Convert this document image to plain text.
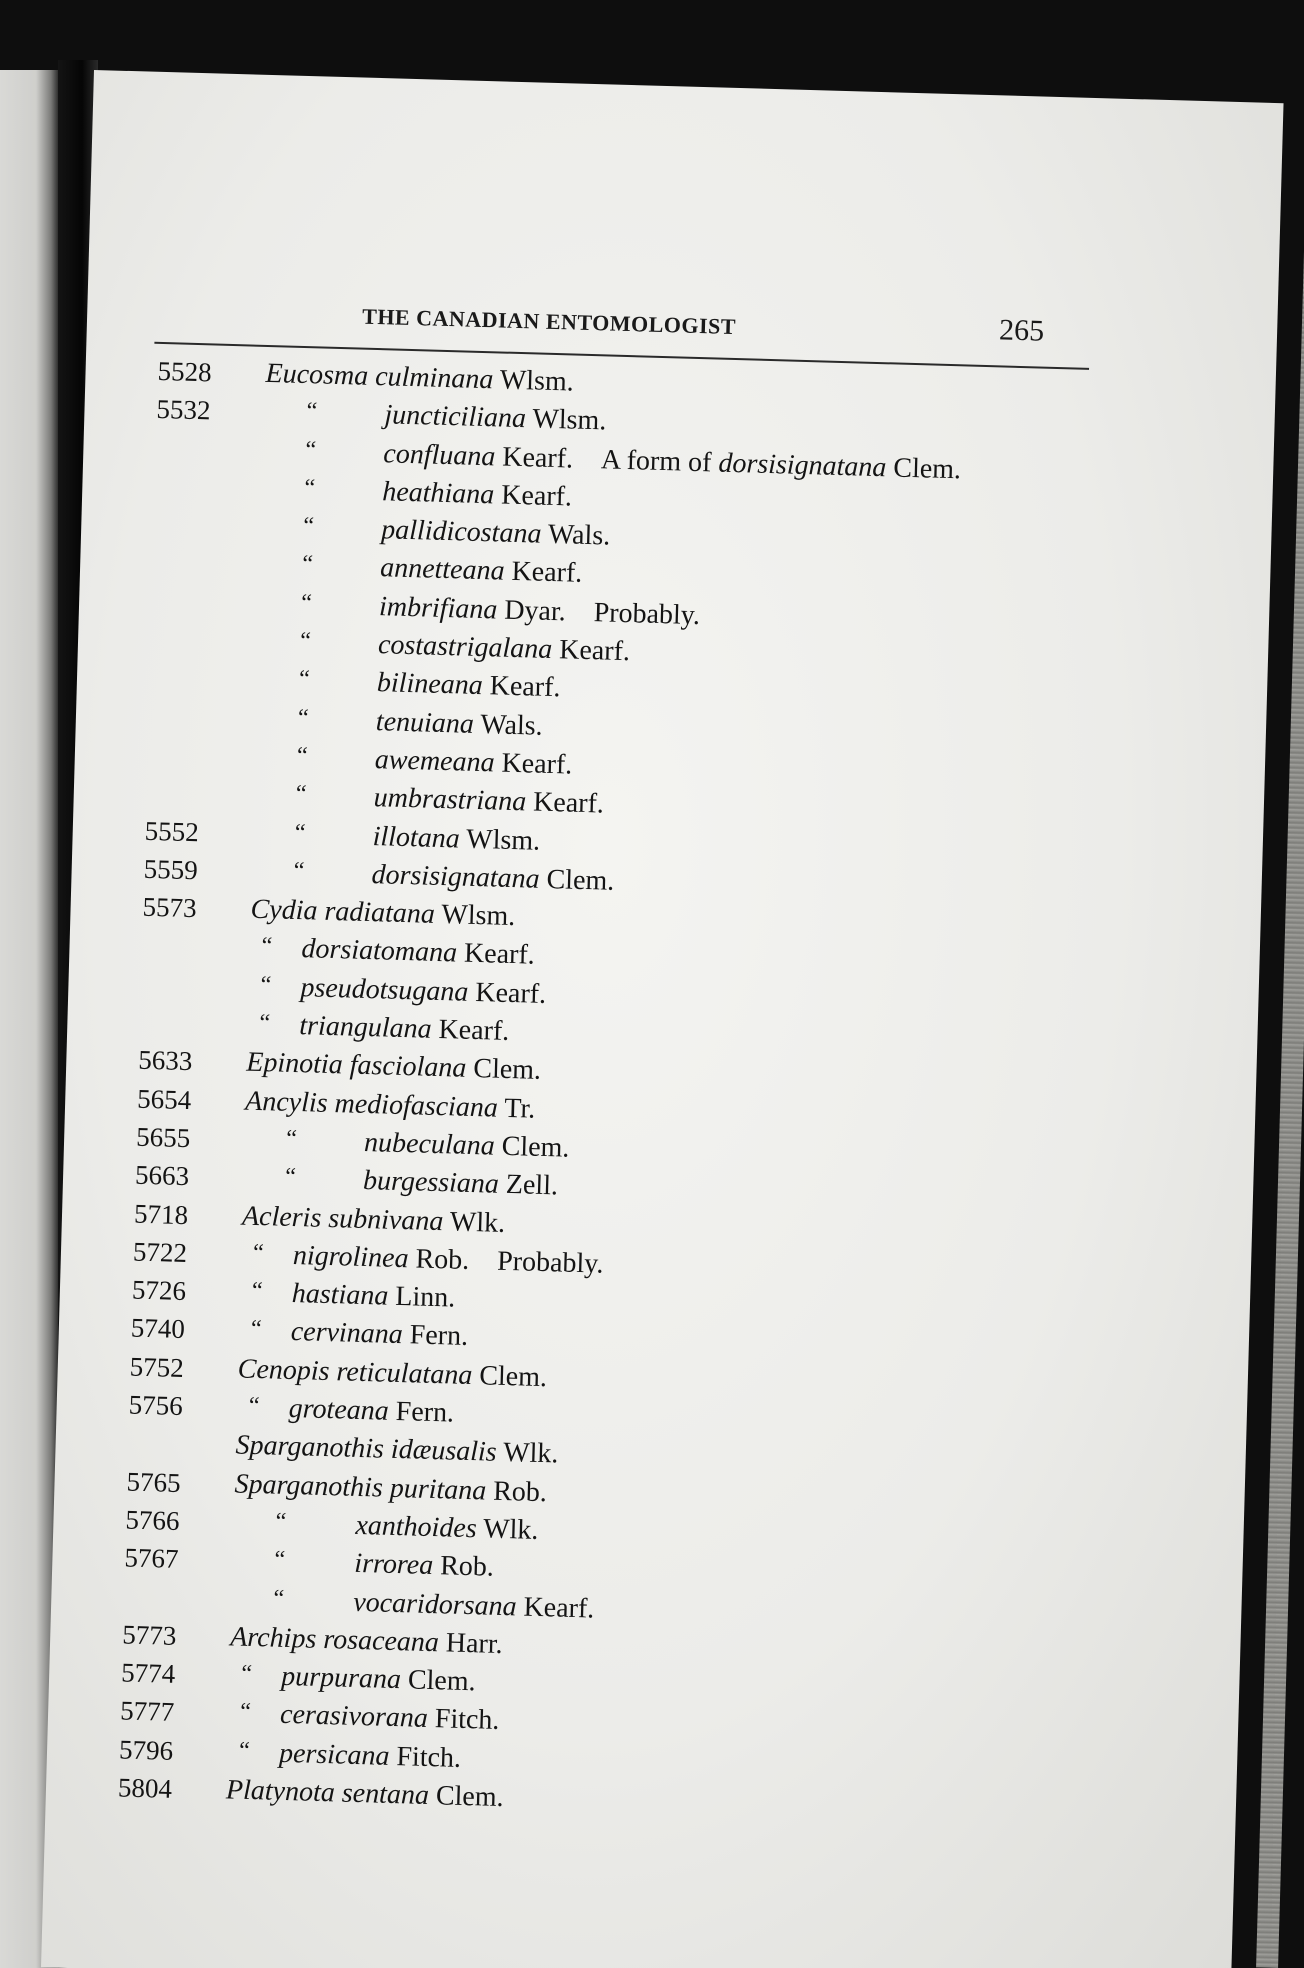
THE CANADIAN ENTOMOLOGIST	265
5528	Eucosma culminana Wlsm.
5532	“ juncticiliana Wlsm.
“ confluana Kearf.  A form of dorsisignatana Clem.
“ heathiana Kearf.
“ pallidicostana Wals.
“ annetteana Kearf.
“ imbrifiana Dyar.  Probably.
“ costastrigalana Kearf.
“ bilineana Kearf.
“ tenuiana Wals.
“ awemeana Kearf.
“ umbrastriana Kearf.
5552	“ illotana Wlsm.
5559	“ dorsisignatana Clem.
5573	Cydia radiatana Wlsm.
“ dorsiatomana Kearf.
“ pseudotsugana Kearf.
“ triangulana Kearf.
5633	Epinotia fasciolana Clem.
5654	Ancylis mediofasciana Tr.
5655	“ nubeculana Clem.
5663	“ burgessiana Zell.
5718	Acleris subnivana Wlk.
5722	“ nigrolinea Rob.  Probably.
5726	“ hastiana Linn.
5740	“ cervinana Fern.
5752	Cenopis reticulatana Clem.
5756	“ groteana Fern.
Sparganothis idæusalis Wlk.
5765	Sparganothis puritana Rob.
5766	“ xanthoides Wlk.
5767	“ irrorea Rob.
“ vocaridorsana Kearf.
5773	Archips rosaceana Harr.
5774	“ purpurana Clem.
5777	“ cerasivorana Fitch.
5796	“ persicana Fitch.
5804	Platynota sentana Clem.
